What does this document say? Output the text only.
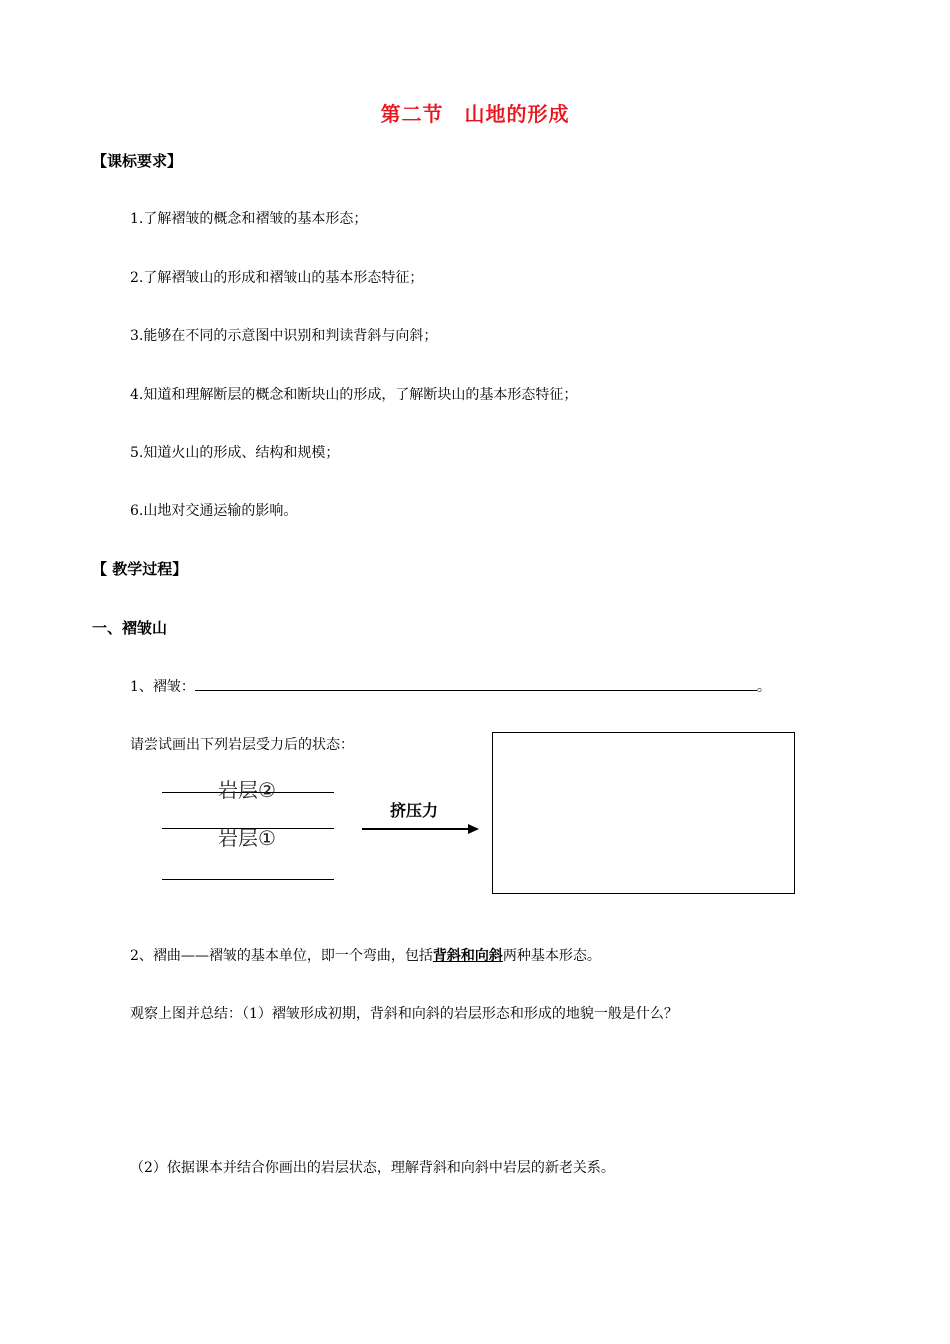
第二节　山地的形成
【课标要求】
1.了解褶皱的概念和褶皱的基本形态；
2.了解褶皱山的形成和褶皱山的基本形态特征；
3.能够在不同的示意图中识别和判读背斜与向斜；
4.知道和理解断层的概念和断块山的形成，了解断块山的基本形态特征；
5.知道火山的形成、结构和规模；
6.山地对交通运输的影响。
【 教学过程】
一、褶皱山
1、褶皱：	。
请尝试画出下列岩层受力后的状态：
岩层②
岩层①
挤压力
2、褶曲——褶皱的基本单位，即一个弯曲，包括背斜和向斜两种基本形态。
观察上图并总结：（1）褶皱形成初期，背斜和向斜的岩层形态和形成的地貌一般是什么？
（2）依据课本并结合你画出的岩层状态，理解背斜和向斜中岩层的新老关系。
